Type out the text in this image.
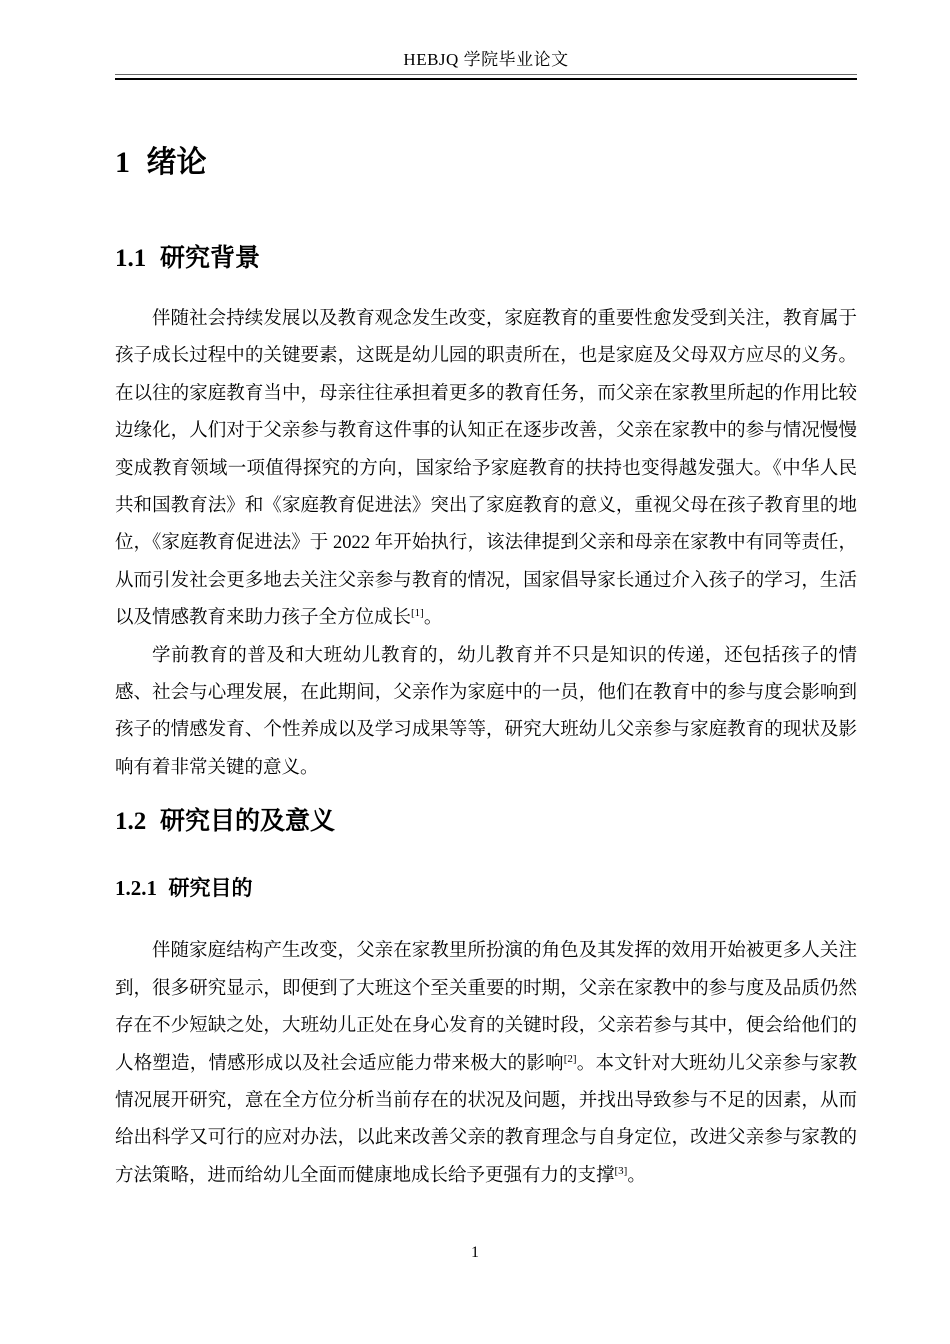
HEBJQ 学院毕业论文
1 绪论
1.1 研究背景

伴随社会持续发展以及教育观念发生改变，家庭教育的重要性愈发受到关注，教育属于孩子成长过程中的关键要素，这既是幼儿园的职责所在，也是家庭及父母双方应尽的义务。在以往的家庭教育当中，母亲往往承担着更多的教育任务，而父亲在家教里所起的作用比较边缘化，人们对于父亲参与教育这件事的认知正在逐步改善，父亲在家教中的参与情况慢慢变成教育领域一项值得探究的方向，国家给予家庭教育的扶持也变得越发强大。《中华人民共和国教育法》和《家庭教育促进法》突出了家庭教育的意义，重视父母在孩子教育里的地位，《家庭教育促进法》于 2022 年开始执行，该法律提到父亲和母亲在家教中有同等责任，从而引发社会更多地去关注父亲参与教育的情况，国家倡导家长通过介入孩子的学习，生活以及情感教育来助力孩子全方位成长[1]。

学前教育的普及和大班幼儿教育的，幼儿教育并不只是知识的传递，还包括孩子的情感、社会与心理发展，在此期间，父亲作为家庭中的一员，他们在教育中的参与度会影响到孩子的情感发育、个性养成以及学习成果等等，研究大班幼儿父亲参与家庭教育的现状及影响有着非常关键的意义。

1.2 研究目的及意义
1.2.1 研究目的

伴随家庭结构产生改变，父亲在家教里所扮演的角色及其发挥的效用开始被更多人关注到，很多研究显示，即便到了大班这个至关重要的时期，父亲在家教中的参与度及品质仍然存在不少短缺之处，大班幼儿正处在身心发育的关键时段，父亲若参与其中，便会给他们的人格塑造，情感形成以及社会适应能力带来极大的影响[2]。本文针对大班幼儿父亲参与家教情况展开研究，意在全方位分析当前存在的状况及问题，并找出导致参与不足的因素，从而给出科学又可行的应对办法，以此来改善父亲的教育理念与自身定位，改进父亲参与家教的方法策略，进而给幼儿全面而健康地成长给予更强有力的支撑[3]。

1
